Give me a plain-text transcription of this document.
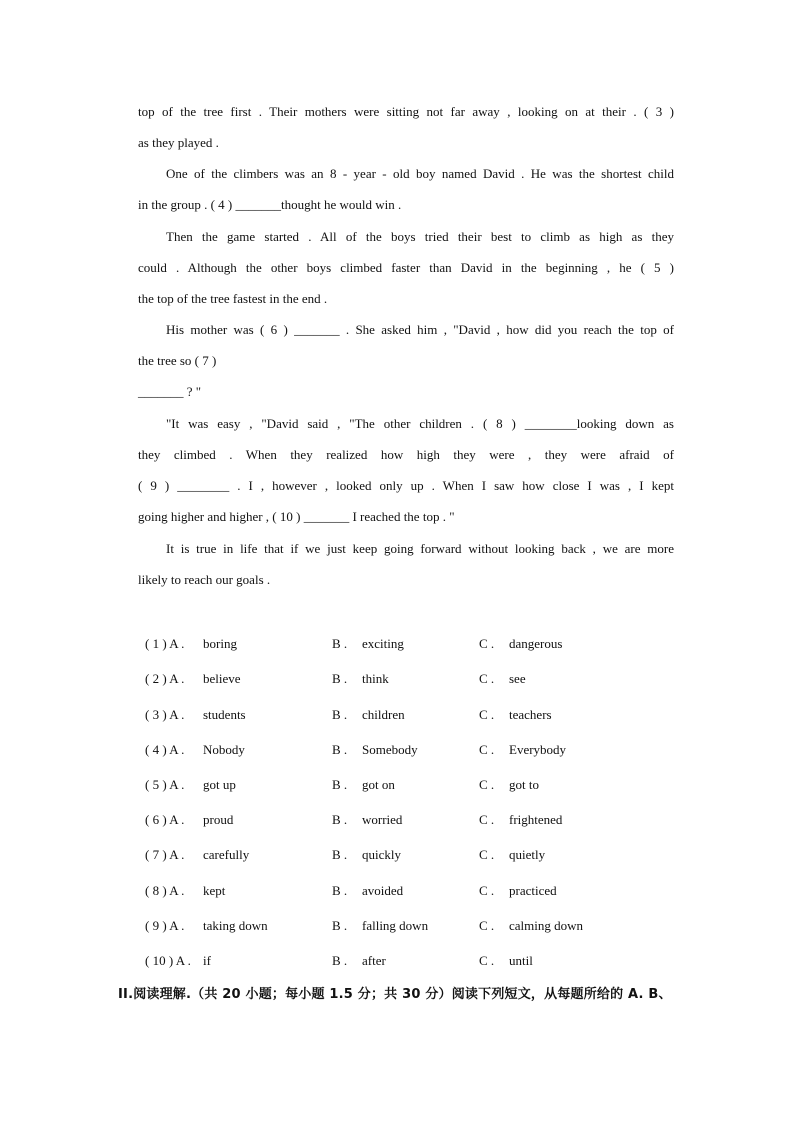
top of the tree first . Their mothers were sitting not far away , looking on at their . ( 3 )
as they played .
One of the climbers was an 8 - year - old boy named David . He was the shortest child
in the group . ( 4 ) _______thought he would win .
Then the game started . All of the boys tried their best to climb as high as they
could . Although the other boys climbed faster than David in the beginning , he ( 5 )
the top of the tree fastest in the end .
His mother was ( 6 ) _______ . She asked him , "David , how did you reach the top of
the tree so ( 7 )
_______ ? "
"It was easy , "David said , "The other children . ( 8 ) ________looking down as
they climbed . When they realized how high they were , they were afraid of
( 9 ) ________ . I , however , looked only up . When I saw how close I was , I kept
going higher and higher , ( 10 ) _______ I reached the top . "
It is true in life that if we just keep going forward without looking back , we are more
likely to reach our goals .
( 1 ) A . boring	B . exciting	C . dangerous
( 2 ) A . believe	B . think	C . see
( 3 ) A . students	B . children	C . teachers
( 4 ) A . Nobody	B . Somebody	C . Everybody
( 5 ) A . got up	B . got on	C . got to
( 6 ) A . proud	B . worried	C . frightened
( 7 ) A . carefully	B . quickly	C . quietly
( 8 ) A . kept	B . avoided	C . practiced
( 9 ) A . taking down	B . falling down	C . calming down
( 10 ) A . if	B . after	C . until
II.阅读理解.（共 20 小题；每小题 1.5 分；共 30 分）阅读下列短文，从每题所给的 A. B、
